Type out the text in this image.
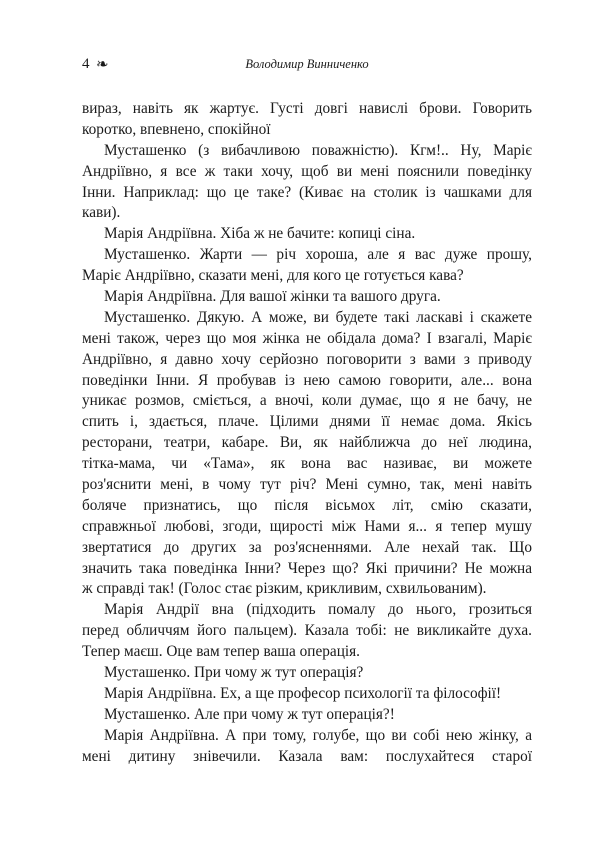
4 ❧	Володимир Винниченко
вираз, навіть як жартує. Густі довгі навислі брови. Говорить
коротко, впевнено, спокійної
Мусташенко (з вибачливою поважністю). Кгм!.. Ну, Маріє
Андріївно, я все ж таки хочу, щоб ви мені пояснили поведінку
Інни. Наприклад: що це таке? (Киває на столик із чашками для
кави).
Марія Андріївна. Хіба ж не бачите: копиці сіна.
Мусташенко. Жарти — річ хороша, але я вас дуже прошу,
Маріє Андріївно, сказати мені, для кого це готується кава?
Марія Андріївна. Для вашої жінки та вашого друга.
Мусташенко. Дякую. А може, ви будете такі ласкаві і скажете
мені також, через що моя жінка не обідала дома? І взагалі, Маріє
Андріївно, я давно хочу серйозно поговорити з вами з приводу
поведінки Інни. Я пробував із нею самою говорити, але... вона
уникає розмов, сміється, а вночі, коли думає, що я не бачу, не
спить і, здається, плаче. Цілими днями її немає дома. Якісь
ресторани, театри, кабаре. Ви, як найближча до неї людина,
тітка-мама, чи «Тама», як вона вас називає, ви можете
роз'яснити мені, в чому тут річ? Мені сумно, так, мені навіть
боляче признатись, що після вісьмох літ, смію сказати,
справжньої любові, згоди, щирості між Нами я... я тепер мушу
звертатися до других за роз'ясненнями. Але нехай так. Що
значить така поведінка Інни? Через що? Які причини? Не можна
ж справді так! (Голос стає різким, крикливим, схвильованим).
Марія Андрії вна (підходить помалу до нього, грозиться
перед обличчям його пальцем). Казала тобі: не викликайте духа.
Тепер маєш. Оце вам тепер ваша операція.
Мусташенко. При чому ж тут операція?
Марія Андріївна. Ех, а ще професор психології та філософії!
Мусташенко. Але при чому ж тут операція?!
Марія Андріївна. А при тому, голубе, що ви собі нею жінку, а
мені дитину знівечили. Казала вам: послухайтеся старої
